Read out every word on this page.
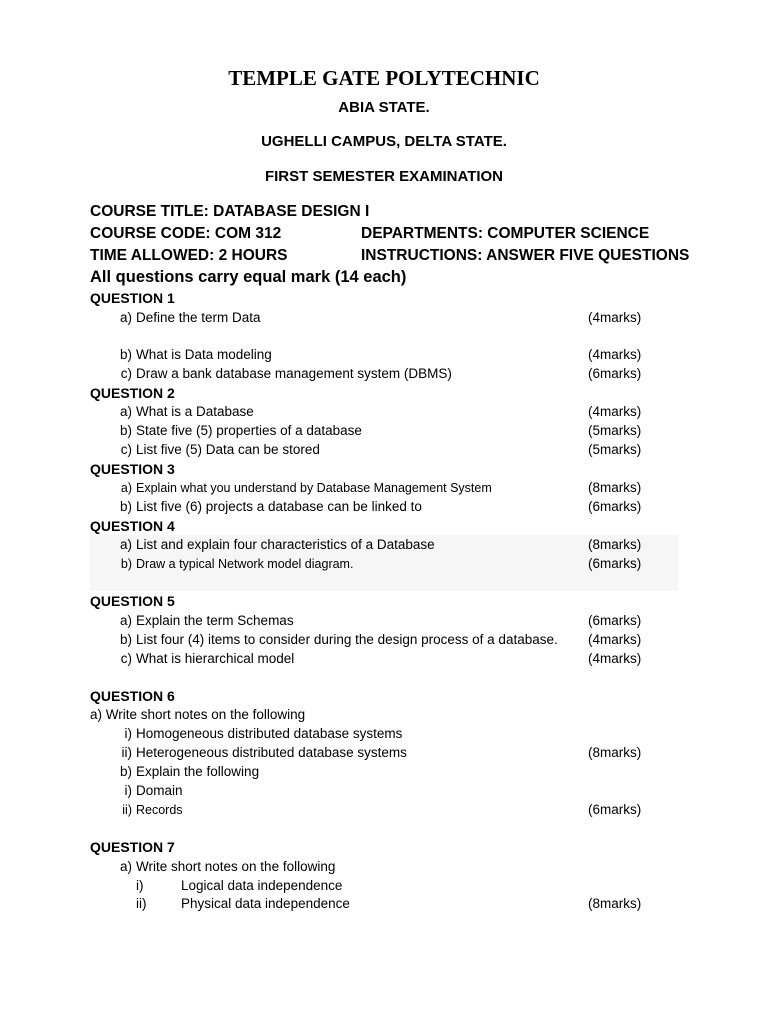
TEMPLE GATE POLYTECHNIC
ABIA STATE.
UGHELLI CAMPUS, DELTA STATE.
FIRST SEMESTER EXAMINATION
COURSE TITLE: DATABASE DESIGN I
COURSE CODE: COM 312	DEPARTMENTS: COMPUTER SCIENCE
TIME ALLOWED: 2 HOURS	INSTRUCTIONS: ANSWER FIVE QUESTIONS
All questions carry equal mark (14 each)
QUESTION 1
a) Define the term Data	(4marks)
b) What is Data modeling	(4marks)
c) Draw a bank database management system (DBMS)	(6marks)
QUESTION 2
a) What is a Database	(4marks)
b) State five (5) properties of a database	(5marks)
c) List five (5) Data can be stored	(5marks)
QUESTION 3
a) Explain what you understand by Database Management System	(8marks)
b) List five (6) projects a database can be linked to	(6marks)
QUESTION 4
a) List and explain four characteristics of a Database	(8marks)
b) Draw a typical Network model diagram.	(6marks)
QUESTION 5
a) Explain the term Schemas	(6marks)
b) List four (4) items to consider during the design process of a database. (4marks)
c) What is hierarchical model	(4marks)
QUESTION 6
a) Write short notes on the following
i) Homogeneous distributed database systems
ii) Heterogeneous distributed database systems	(8marks)
b) Explain the following
i) Domain
ii) Records	(6marks)
QUESTION 7
a) Write short notes on the following
i)	Logical data independence
ii)	Physical data independence	(8marks)
